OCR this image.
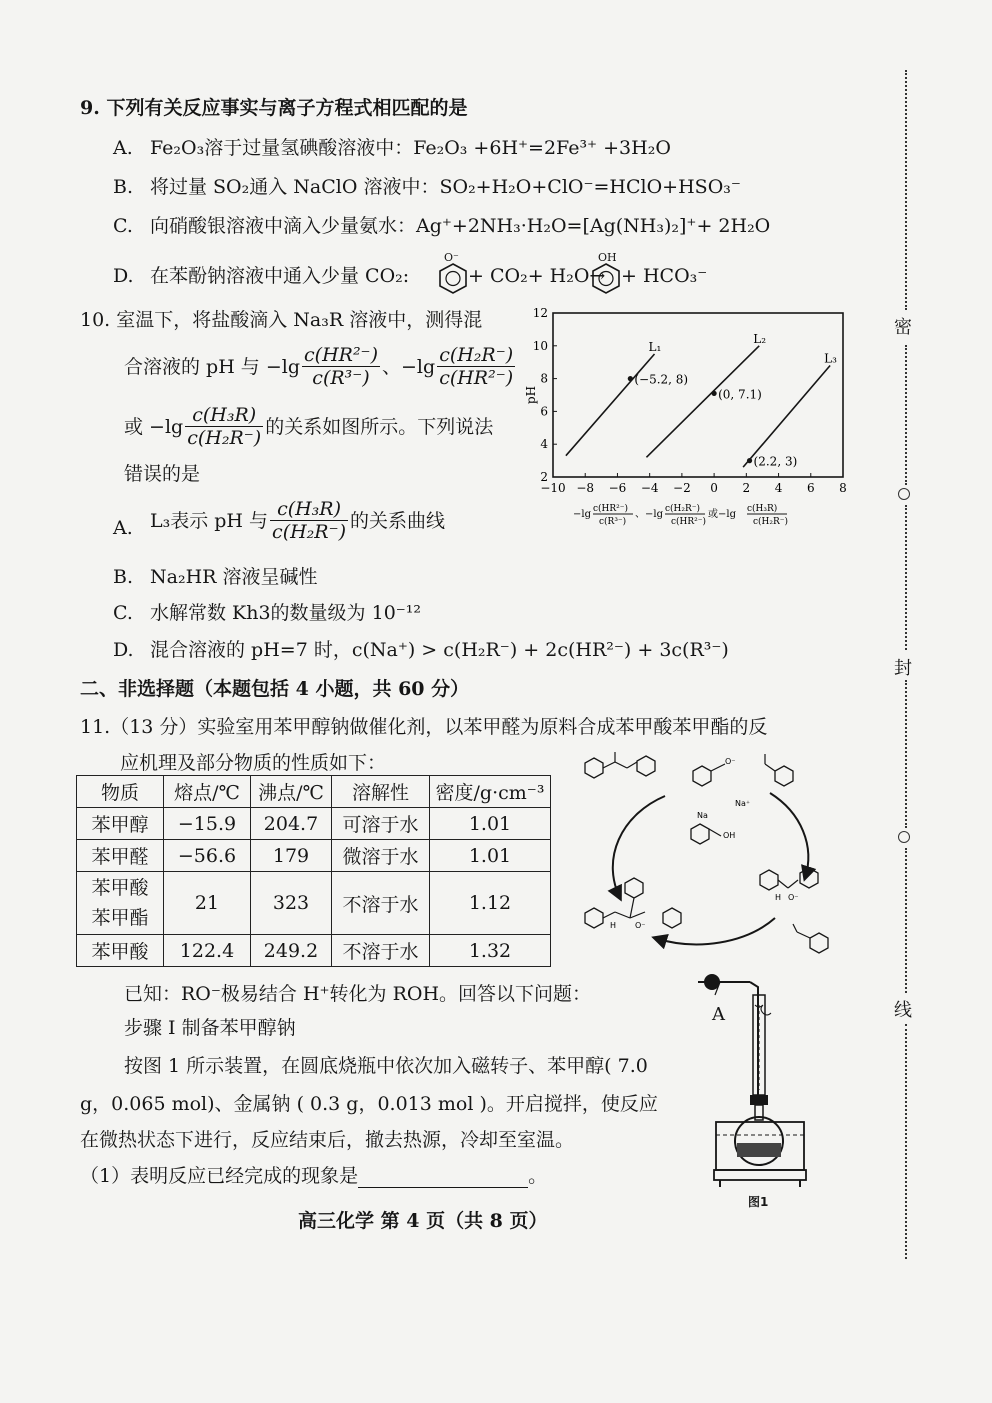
9. 下列有关反应事实与离子方程式相匹配的是
A. Fe₂O₃溶于过量氢碘酸溶液中：Fe₂O₃ +6H⁺=2Fe³⁺ +3H₂O
B. 将过量 SO₂通入 NaClO 溶液中：SO₂+H₂O+ClO⁻=HClO+HSO₃⁻
C. 向硝酸银溶液中滴入少量氨水：Ag⁺+2NH₃·H₂O=[Ag(NH₃)₂]⁺+ 2H₂O
D. 在苯酚钠溶液中通入少量 CO₂:
O⁻
+ CO₂+ H₂O→
OH
+ HCO₃⁻
10. 室温下，将盐酸滴入 Na₃R 溶液中，测得混
合溶液的 pH 与 $-\lg \frac{\text{c(HR²⁻)}}{\text{c(R³⁻)}}$ 、$-\lg \frac{\text{c(H₂R⁻)}}{\text{c(HR²⁻)}}$
或 $-\lg \frac{\text{c(H₃R)}}{\text{c(H₂R⁻)}}$ 的关系如图所示。下列说法
错误的是
−10 −8 −6 −4 −2 0 2 4 6 8
2
4
6
8
10
12
pH
L₁
(−5.2, 8)
L₂
(0, 7.1)
L₃
(2.2, 3)
−lg c(HR²⁻)
c(R³⁻)
、−lg c(H₂R⁻)
c(HR²⁻)
或−lg c(H₃R)
c(H₂R⁻)
A. L₃表示 pH 与 $\frac{\text{c(H₃R)}}{\text{c(H₂R⁻)}}$ 的关系曲线
B. Na₂HR 溶液呈碱性
C. 水解常数 Kh3的数量级为 10⁻¹²
D. 混合溶液的 pH=7 时，c(Na⁺) > c(H₂R⁻) + 2c(HR²⁻) + 3c(R³⁻)
二、非选择题（本题包括 4 小题，共 60 分）
11.（13 分）实验室用苯甲醇钠做催化剂，以苯甲醛为原料合成苯甲酸苯甲酯的反
应机理及部分物质的性质如下：
物质	熔点/℃	沸点/℃	溶解性	密度/g·cm⁻³
苯甲醇	−15.9	204.7	可溶于水	1.01
苯甲醛	−56.6	179	微溶于水	1.01
苯甲酸
苯甲酯	21	323	不溶于水	1.12
苯甲酸	122.4	249.2	不溶于水	1.32
O⁻
Na⁺
Na
OH
H O⁻
H O⁻
已知：RO⁻极易结合 H⁺转化为 ROH。回答以下问题：
步骤 Ⅰ 制备苯甲醇钠
按图 1 所示装置，在圆底烧瓶中依次加入磁转子、苯甲醇( 7.0
g，0.065 mol)、金属钠 ( 0.3 g，0.013 mol )。开启搅拌，使反应
在微热状态下进行，反应结束后，撤去热源，冷却至室温。
（1）表明反应已经完成的现象是	。
A
图1
高三化学 第 4 页（共 8 页）
密
封
线
